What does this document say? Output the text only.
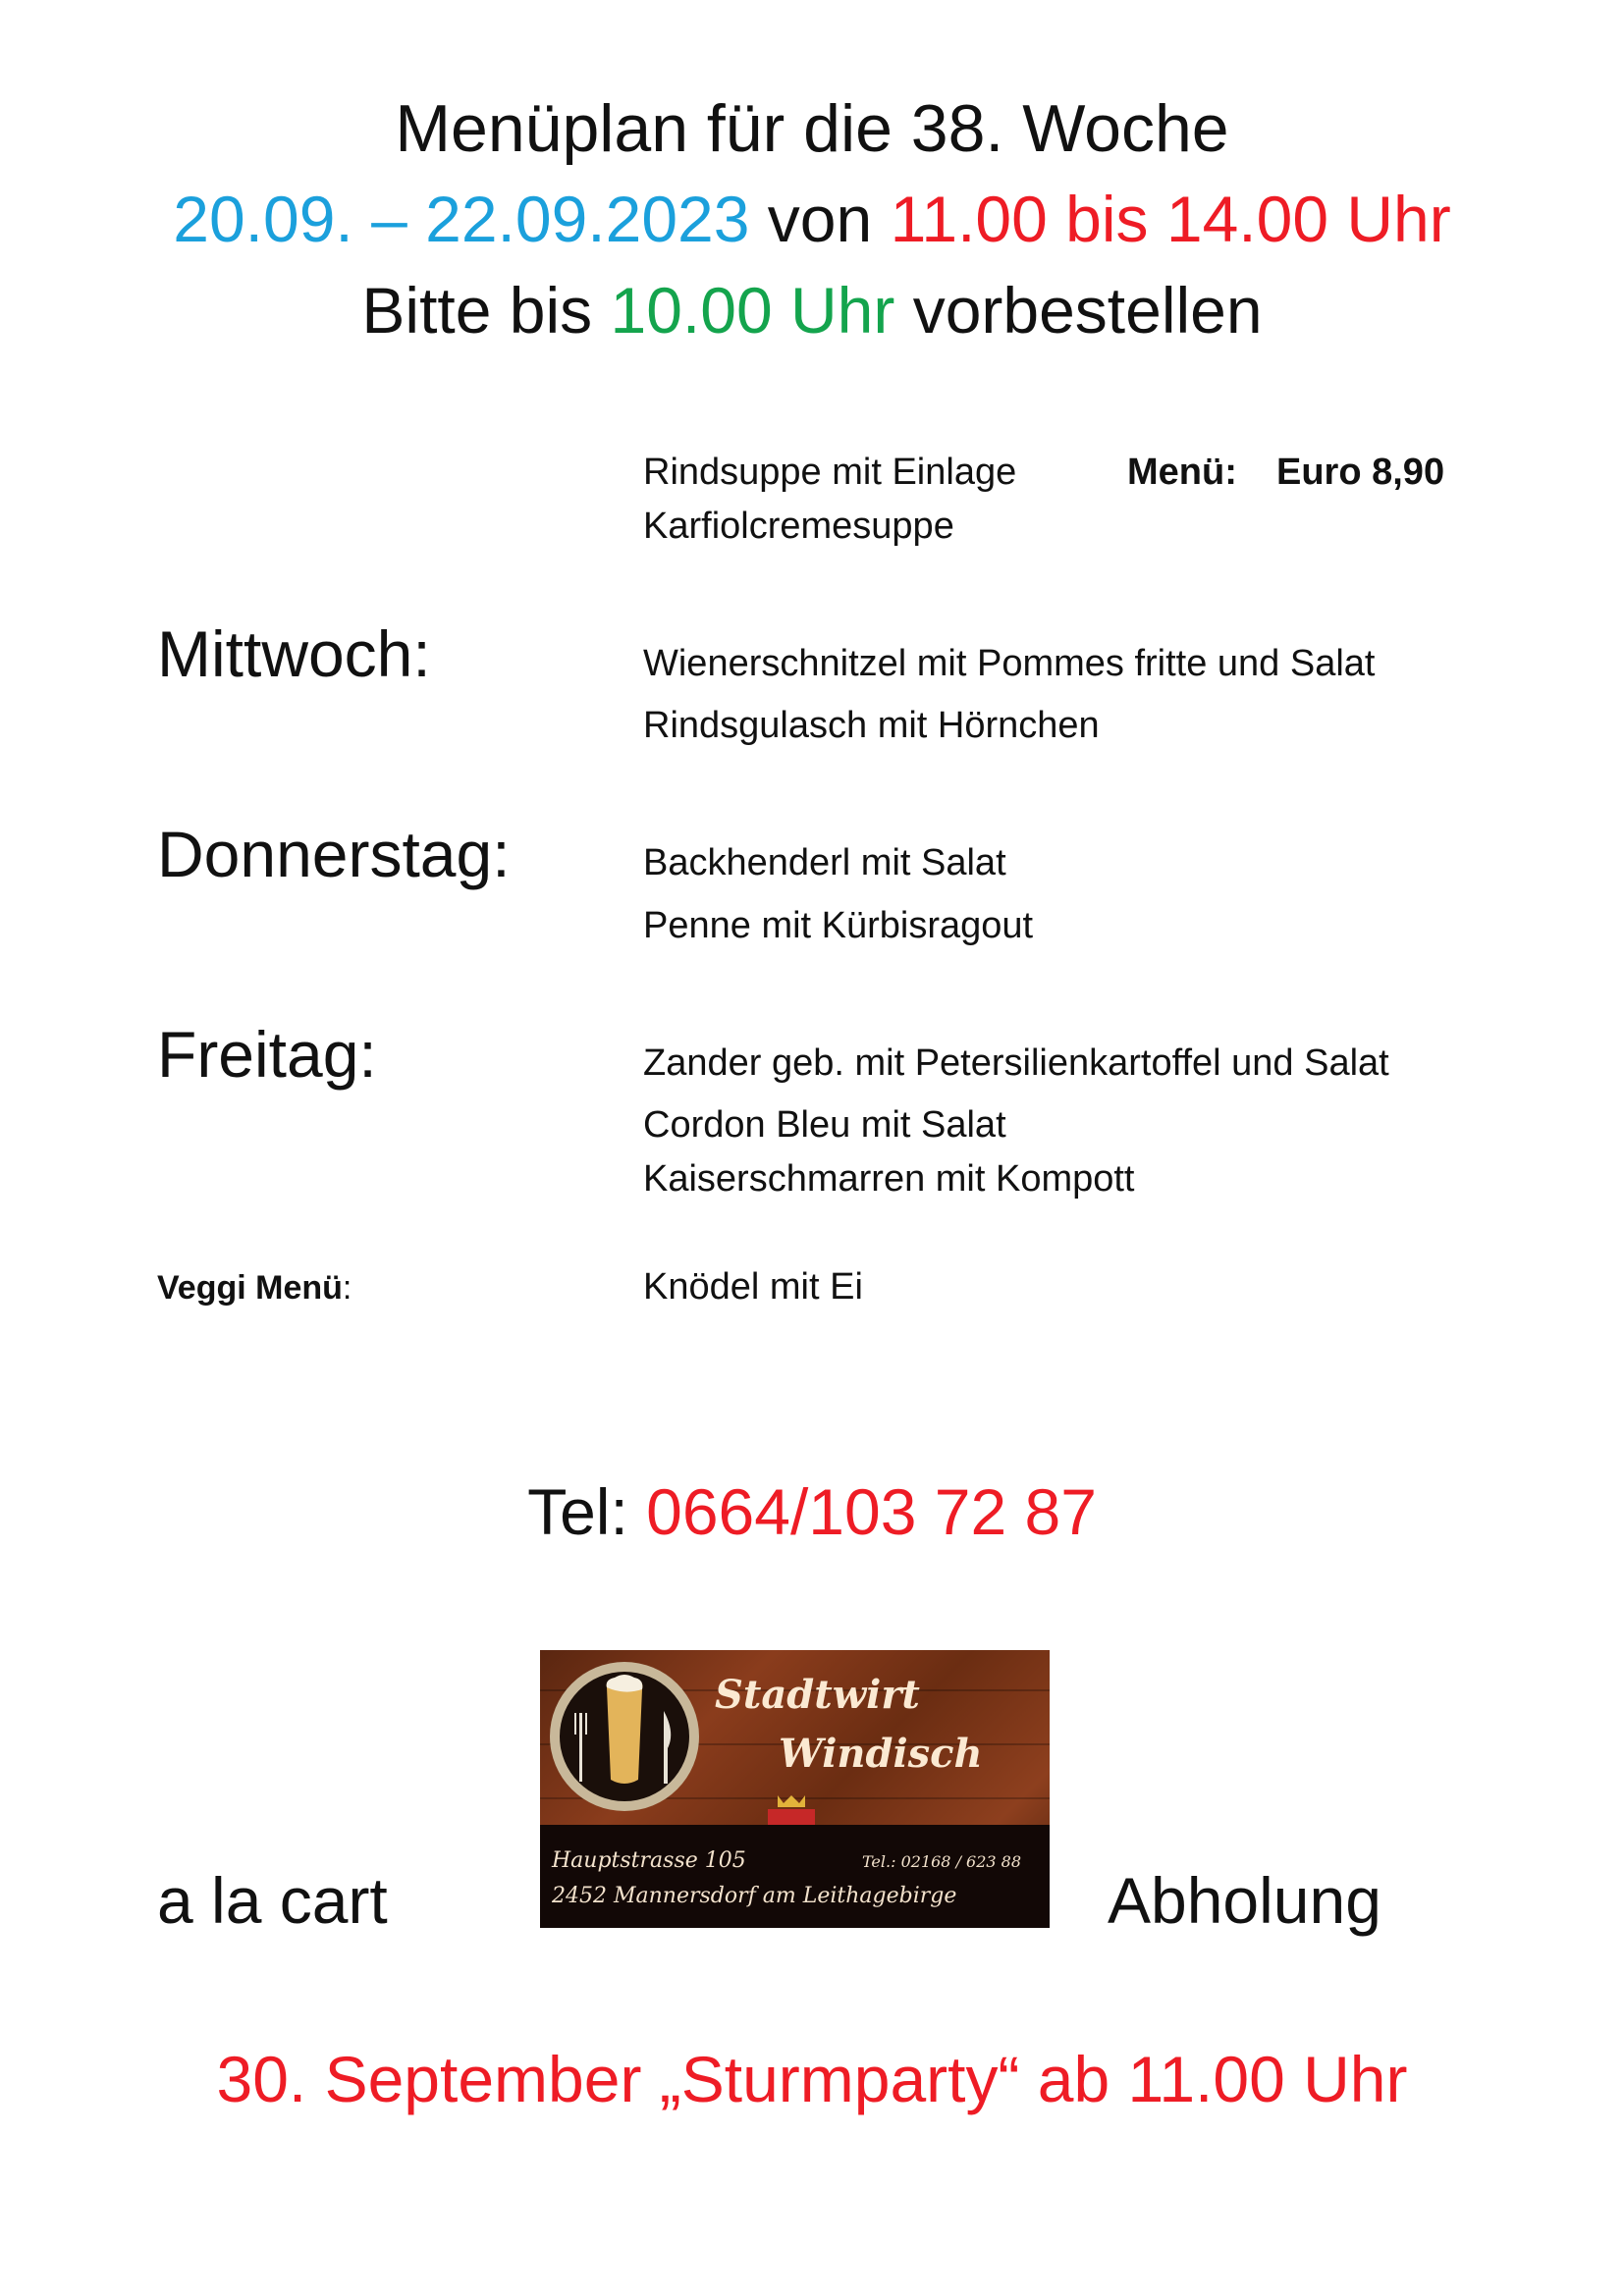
Menüplan für die 38. Woche
20.09. – 22.09.2023 von 11.00 bis 14.00 Uhr
Bitte bis 10.00 Uhr vorbestellen
Rindsuppe mit Einlage
Karfiolcremesuppe
Menü: Euro 8,90
Mittwoch:	Wienerschnitzel mit Pommes fritte und Salat
Rindsgulasch mit Hörnchen
Donnerstag:	Backhenderl mit Salat
Penne mit Kürbisragout
Freitag:	Zander geb. mit Petersilienkartoffel und Salat
Cordon Bleu mit Salat
Kaiserschmarren mit Kompott
Veggi Menü:	Knödel mit Ei
Tel: 0664/103 72 87
a la cart	Abholung
Stadtwirt
Windisch
Hauptstrasse 105	Tel.: 02168 / 623 88
2452 Mannersdorf am Leithagebirge
30. September „Sturmparty“ ab 11.00 Uhr
